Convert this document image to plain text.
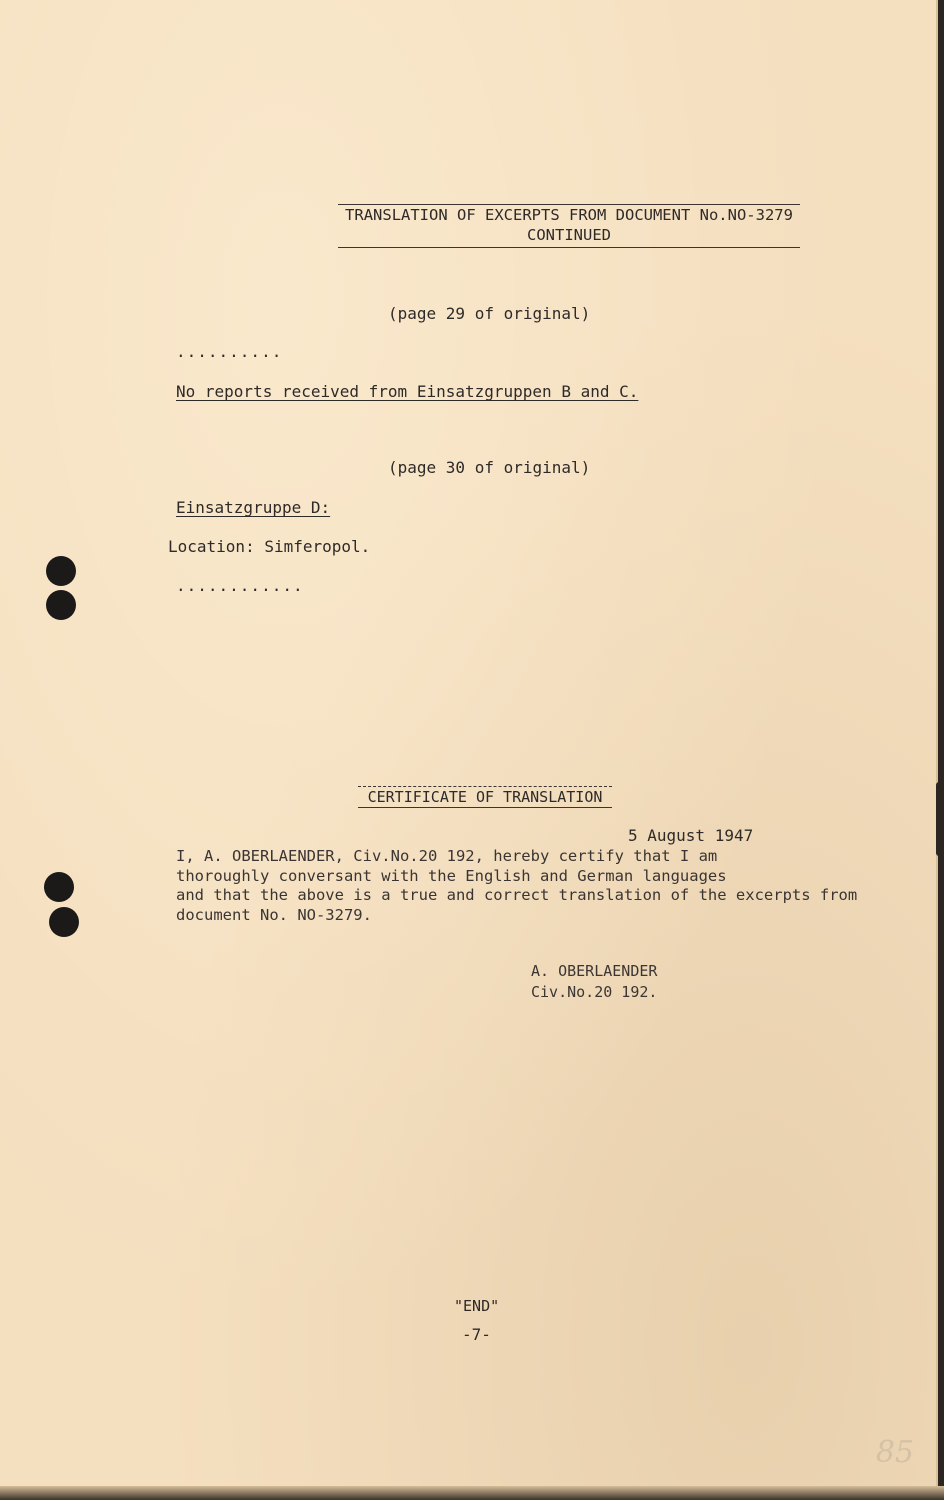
TRANSLATION OF EXCERPTS FROM DOCUMENT No.NO-3279
CONTINUED
(page 29 of original)
..........
No reports received from Einsatzgruppen B and C.
(page 30 of original)
Einsatzgruppe D:
Location: Simferopol.
............
CERTIFICATE OF TRANSLATION
5 August 1947
I, A. OBERLAENDER, Civ.No.20 192, hereby certify that I am
thoroughly conversant with the English and German languages
and that the above is a true and correct translation of the excerpts from
document No. NO-3279.
A. OBERLAENDER
Civ.No.20 192.
"END"
-7-
85
